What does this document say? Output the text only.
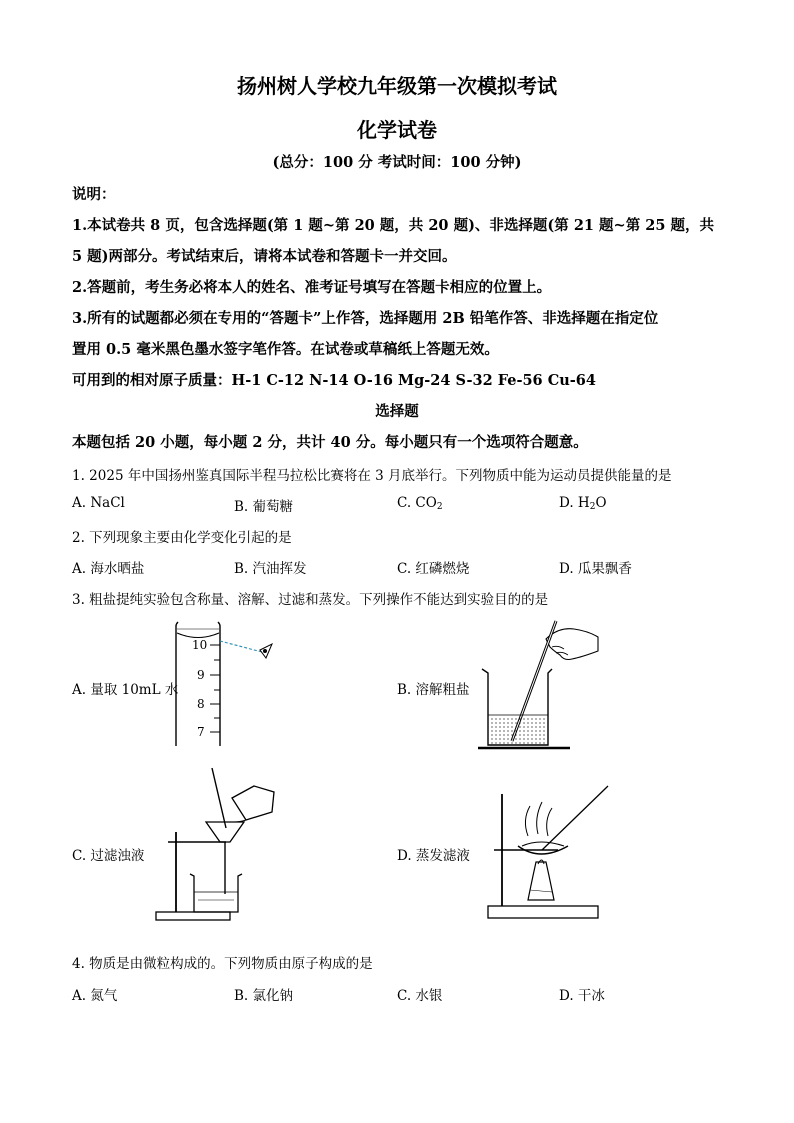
扬州树人学校九年级第一次模拟考试
化学试卷
(总分：100 分 考试时间：100 分钟)
说明：
1.本试卷共 8 页，包含选择题(第 1 题~第 20 题，共 20 题)、非选择题(第 21 题~第 25 题，共
5 题)两部分。考试结束后，请将本试卷和答题卡一并交回。
2.答题前，考生务必将本人的姓名、准考证号填写在答题卡相应的位置上。
3.所有的试题都必须在专用的“答题卡”上作答，选择题用 2B 铅笔作答、非选择题在指定位
置用 0.5 毫米黑色墨水签字笔作答。在试卷或草稿纸上答题无效。
可用到的相对原子质量：H-1 C-12 N-14 O-16 Mg-24 S-32 Fe-56 Cu-64
选择题
本题包括 20 小题，每小题 2 分，共计 40 分。每小题只有一个选项符合题意。
1. 2025 年中国扬州鉴真国际半程马拉松比赛将在 3 月底举行。下列物质中能为运动员提供能量的是
A. NaCl	B. 葡萄糖	C. $CO_2$	D. $H_2O$
2. 下列现象主要由化学变化引起的是
A. 海水晒盐	B. 汽油挥发	C. 红磷燃烧	D. 瓜果飘香
3. 粗盐提纯实验包含称量、溶解、过滤和蒸发。下列操作不能达到实验目的的是
A. 量取 10mL 水	B. 溶解粗盐
C. 过滤浊液	D. 蒸发滤液
10
9
8
7
4. 物质是由微粒构成的。下列物质由原子构成的是
A. 氮气	B. 氯化钠	C. 水银	D. 干冰
